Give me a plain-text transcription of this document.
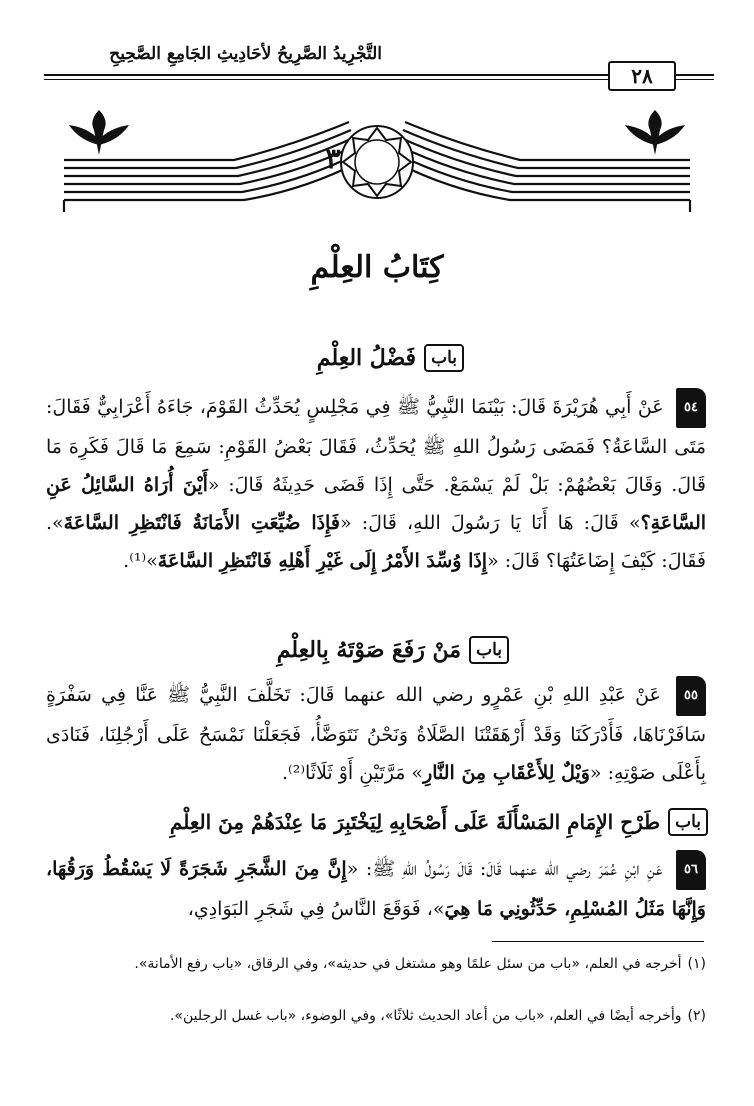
التَّجْرِيدُ الصَّرِيحُ لأحَادِيثِ الجَامِعِ الصَّحِيحِ
٢٨
٣
كِتَابُ العِلْمِ
باب
فَضْلُ العِلْمِ
٥٤ عَنْ أَبِي هُرَيْرَةَ قَالَ: بَيْنَمَا النَّبِيُّ ﷺ فِي مَجْلِسٍ يُحَدِّثُ القَوْمَ، جَاءَهُ أَعْرَابِيٌّ فَقَالَ: مَتَى السَّاعَةُ؟ فَمَضَى رَسُولُ اللهِ ﷺ يُحَدِّثُ، فَقَالَ بَعْضُ القَوْمِ: سَمِعَ مَا قَالَ فَكَرِهَ مَا قَالَ. وَقَالَ بَعْضُهُمْ: بَلْ لَمْ يَسْمَعْ. حَتَّى إِذَا قَضَى حَدِيثَهُ قَالَ: «أَيْنَ أُرَاهُ السَّائِلُ عَنِ السَّاعَةِ؟» قَالَ: هَا أَنَا يَا رَسُولَ اللهِ، قَالَ: «فَإِذَا ضُيِّعَتِ الأَمَانَةُ فَانْتَظِرِ السَّاعَةَ». فَقَالَ: كَيْفَ إِضَاعَتُهَا؟ قَالَ: «إِذَا وُسِّدَ الأَمْرُ إِلَى غَيْرِ أَهْلِهِ فَانْتَظِرِ السَّاعَةَ»⁽¹⁾.
باب
مَنْ رَفَعَ صَوْتَهُ بِالعِلْمِ
٥٥ عَنْ عَبْدِ اللهِ بْنِ عَمْرٍو رضي الله عنهما قَالَ: تَخَلَّفَ النَّبِيُّ ﷺ عَنَّا فِي سَفْرَةٍ سَافَرْنَاهَا، فَأَدْرَكَنَا وَقَدْ أَرْهَقَتْنَا الصَّلَاةُ وَنَحْنُ نَتَوَضَّأُ، فَجَعَلْنَا نَمْسَحُ عَلَى أَرْجُلِنَا، فَنَادَى بِأَعْلَى صَوْتِهِ: «وَيْلٌ لِلأَعْقَابِ مِنَ النَّارِ» مَرَّتَيْنِ أَوْ ثَلَاثًا⁽²⁾.
باب
طَرْحِ الإِمَامِ المَسْأَلَةَ عَلَى أَصْحَابِهِ لِيَخْتَبِرَ مَا عِنْدَهُمْ مِنَ العِلْمِ
٥٦ عَنِ ابْنِ عُمَرَ رضي الله عنهما قَالَ: قَالَ رَسُولُ اللهِ ﷺ: «إِنَّ مِنَ الشَّجَرِ شَجَرَةً لَا يَسْقُطُ وَرَقُهَا، وَإِنَّهَا مَثَلُ المُسْلِمِ، حَدِّثُونِي مَا هِيَ»، فَوَقَعَ النَّاسُ فِي شَجَرِ البَوَادِي،
(١)أخرجه في العلم، «باب من سئل علمًا وهو مشتغل في حديثه»، وفي الرقاق، «باب رفع الأمانة».
(٢)وأخرجه أيضًا في العلم، «باب من أعاد الحديث ثلاثًا»، وفي الوضوء، «باب غسل الرجلين».
